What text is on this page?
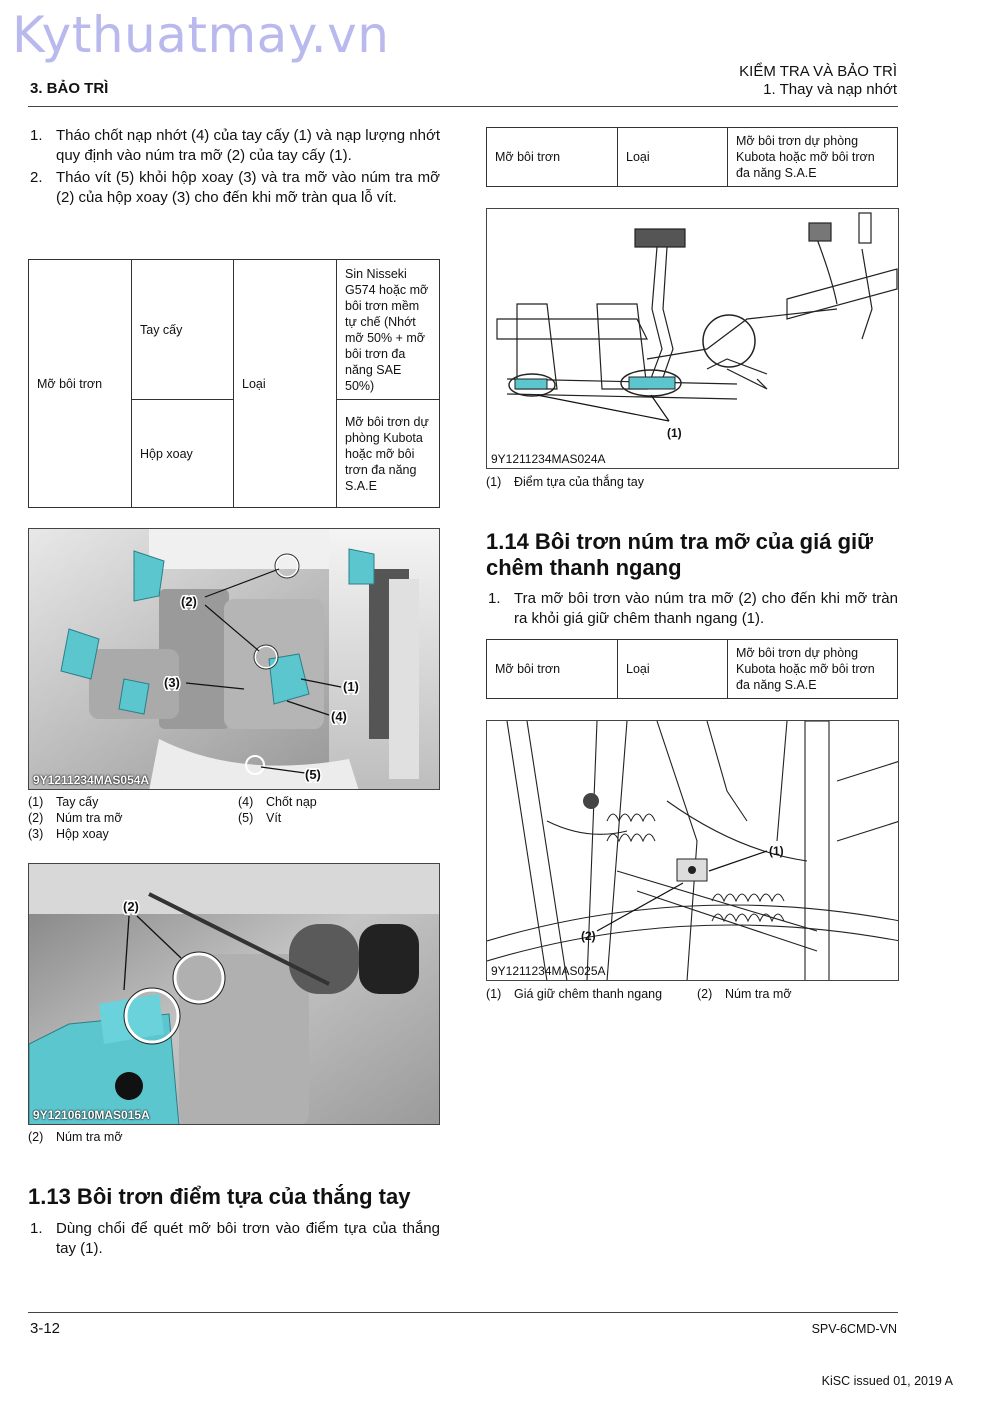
Kythuatmay.vn
3. BẢO TRÌ
KIỂM TRA VÀ BẢO TRÌ
1. Thay và nạp nhớt
1. Tháo chốt nạp nhớt (4) của tay cấy (1) và nạp lượng nhớt quy định vào núm tra mỡ (2) của tay cấy (1).
2. Tháo vít (5) khỏi hộp xoay (3) và tra mỡ vào núm tra mỡ (2) của hộp xoay (3) cho đến khi mỡ tràn qua lỗ vít.
Mỡ bôi trơn	Tay cấy	Loại	Sin Nisseki G574 hoặc mỡ bôi trơn mềm tự chế (Nhớt mỡ 50% + mỡ bôi trơn đa năng SAE 50%)
	Hộp xoay		Mỡ bôi trơn dự phòng Kubota hoặc mỡ bôi trơn đa năng S.A.E
(2)
(3)	(1)
(4)
(5)
9Y1211234MAS054A
(1) Tay cấy
(2) Núm tra mỡ
(3) Hộp xoay
(4) Chốt nạp
(5) Vít
(2)
9Y1210610MAS015A
(2) Núm tra mỡ
1.13 Bôi trơn điểm tựa của thắng tay
1. Dùng chổi để quét mỡ bôi trơn vào điểm tựa của thắng tay (1).
Mỡ bôi trơn	Loại	Mỡ bôi trơn dự phòng Kubota hoặc mỡ bôi trơn đa năng S.A.E
(1)
9Y1211234MAS024A
(1) Điểm tựa của thắng tay
1.14 Bôi trơn núm tra mỡ của giá giữ chêm thanh ngang
1. Tra mỡ bôi trơn vào núm tra mỡ (2) cho đến khi mỡ tràn ra khỏi giá giữ chêm thanh ngang (1).
Mỡ bôi trơn	Loại	Mỡ bôi trơn dự phòng Kubota hoặc mỡ bôi trơn đa năng S.A.E
(1)
(2)
9Y1211234MAS025A
(1) Giá giữ chêm thanh ngang	(2) Núm tra mỡ
3-12	SPV-6CMD-VN
KiSC issued 01, 2019 A
